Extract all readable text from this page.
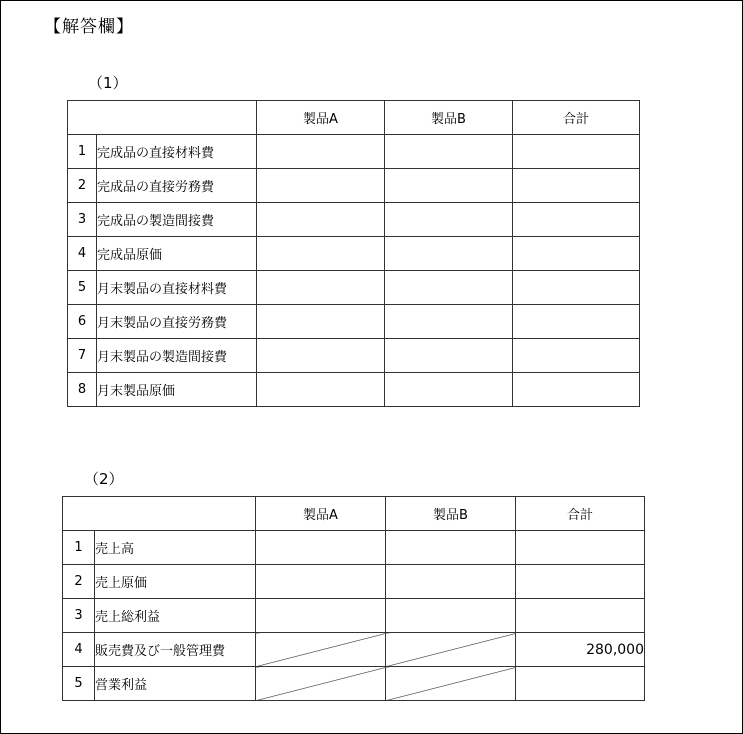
【解答欄】
（1）
		製品A	製品B	合計
1	完成品の直接材料費			
2	完成品の直接労務費			
3	完成品の製造間接費			
4	完成品原価			
5	月末製品の直接材料費			
6	月末製品の直接労務費			
7	月末製品の製造間接費			
8	月末製品原価			
（2）
		製品A	製品B	合計
1	売上高			
2	売上原価			
3	売上総利益			
4	販売費及び一般管理費			280,000
5	営業利益			
